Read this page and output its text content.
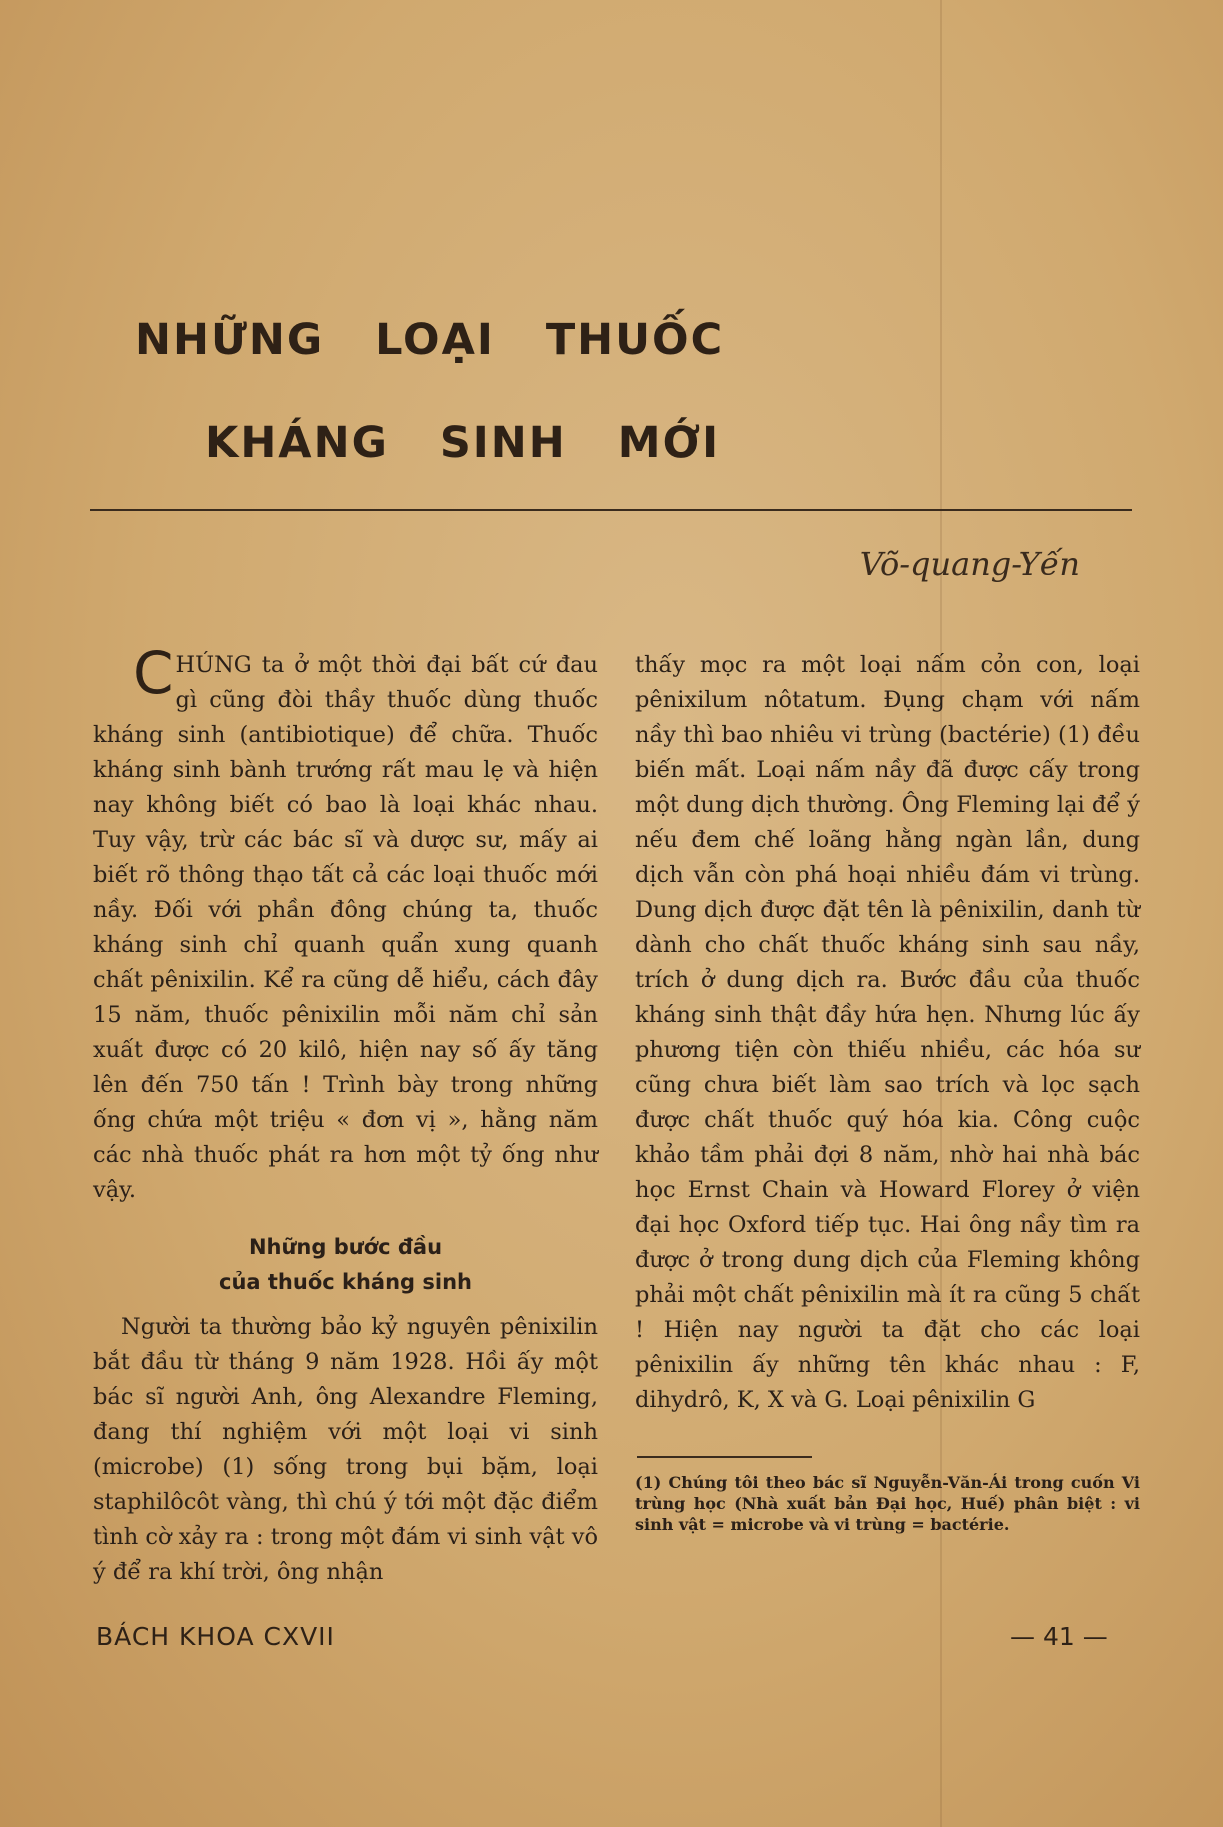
NHỮNG LOẠI THUỐC
KHÁNG SINH MỚI
Võ-quang-Yến

CHÚNG ta ở một thời đại bất cứ đau gì cũng đòi thầy thuốc dùng thuốc kháng sinh (antibiotique) để chữa. Thuốc kháng sinh bành trướng rất mau lẹ và hiện nay không biết có bao là loại khác nhau. Tuy vậy, trừ các bác sĩ và dược sư, mấy ai biết rõ thông thạo tất cả các loại thuốc mới nầy. Đối với phần đông chúng ta, thuốc kháng sinh chỉ quanh quẩn xung quanh chất pênixilin. Kể ra cũng dễ hiểu, cách đây 15 năm, thuốc pênixilin mỗi năm chỉ sản xuất được có 20 kilô, hiện nay số ấy tăng lên đến 750 tấn ! Trình bày trong những ống chứa một triệu « đơn vị », hằng năm các nhà thuốc phát ra hơn một tỷ ống như vậy.

Những bước đầu
của thuốc kháng sinh

Người ta thường bảo kỷ nguyên pênixilin bắt đầu từ tháng 9 năm 1928. Hồi ấy một bác sĩ người Anh, ông Alexandre Fleming, đang thí nghiệm với một loại vi sinh (microbe) (1) sống trong bụi bặm, loại staphilôcôt vàng, thì chú ý tới một đặc điểm tình cờ xảy ra : trong một đám vi sinh vật vô ý để ra khí trời, ông nhận

thấy mọc ra một loại nấm cỏn con, loại pênixilum nôtatum. Đụng chạm với nấm nầy thì bao nhiêu vi trùng (bactérie) (1) đều biến mất. Loại nấm nầy đã được cấy trong một dung dịch thường. Ông Fleming lại để ý nếu đem chế loãng hằng ngàn lần, dung dịch vẫn còn phá hoại nhiều đám vi trùng. Dung dịch được đặt tên là pênixilin, danh từ dành cho chất thuốc kháng sinh sau nầy, trích ở dung dịch ra. Bước đầu của thuốc kháng sinh thật đầy hứa hẹn. Nhưng lúc ấy phương tiện còn thiếu nhiều, các hóa sư cũng chưa biết làm sao trích và lọc sạch được chất thuốc quý hóa kia. Công cuộc khảo tầm phải đợi 8 năm, nhờ hai nhà bác học Ernst Chain và Howard Florey ở viện đại học Oxford tiếp tục. Hai ông nầy tìm ra được ở trong dung dịch của Fleming không phải một chất pênixilin mà ít ra cũng 5 chất ! Hiện nay người ta đặt cho các loại pênixilin ấy những tên khác nhau : F, dihydrô, K, X và G. Loại pênixilin G

(1) Chúng tôi theo bác sĩ Nguyễn-Văn-Ái trong cuốn Vi trùng học (Nhà xuất bản Đại học, Huế) phân biệt : vi sinh vật = microbe và vi trùng = bactérie.

BÁCH KHOA CXVII	— 41 —
